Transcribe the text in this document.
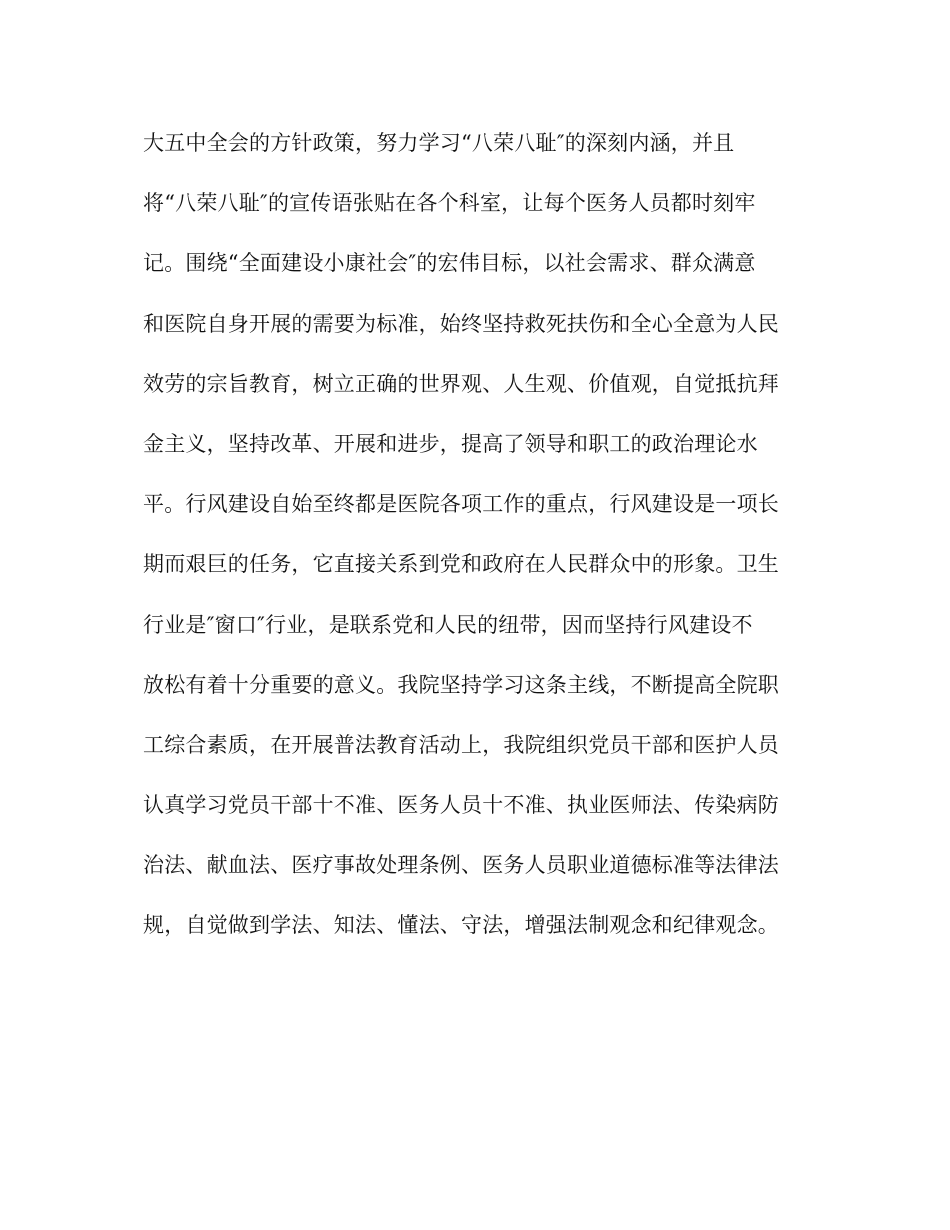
大五中全会的方针政策，努力学习“八荣八耻″的深刻内涵，并且
将“八荣八耻″的宣传语张贴在各个科室，让每个医务人员都时刻牢
记。围绕“全面建设小康社会″的宏伟目标，以社会需求、群众满意
和医院自身开展的需要为标准，始终坚持救死扶伤和全心全意为人民
效劳的宗旨教育，树立正确的世界观、人生观、价值观，自觉抵抗拜
金主义，坚持改革、开展和进步，提高了领导和职工的政治理论水
平。行风建设自始至终都是医院各项工作的重点，行风建设是一项长
期而艰巨的任务，它直接关系到党和政府在人民群众中的形象。卫生
行业是″窗口″行业，是联系党和人民的纽带，因而坚持行风建设不
放松有着十分重要的意义。我院坚持学习这条主线，不断提高全院职
工综合素质，在开展普法教育活动上，我院组织党员干部和医护人员
认真学习党员干部十不准、医务人员十不准、执业医师法、传染病防
治法、献血法、医疗事故处理条例、医务人员职业道德标准等法律法
规，自觉做到学法、知法、懂法、守法，增强法制观念和纪律观念。
